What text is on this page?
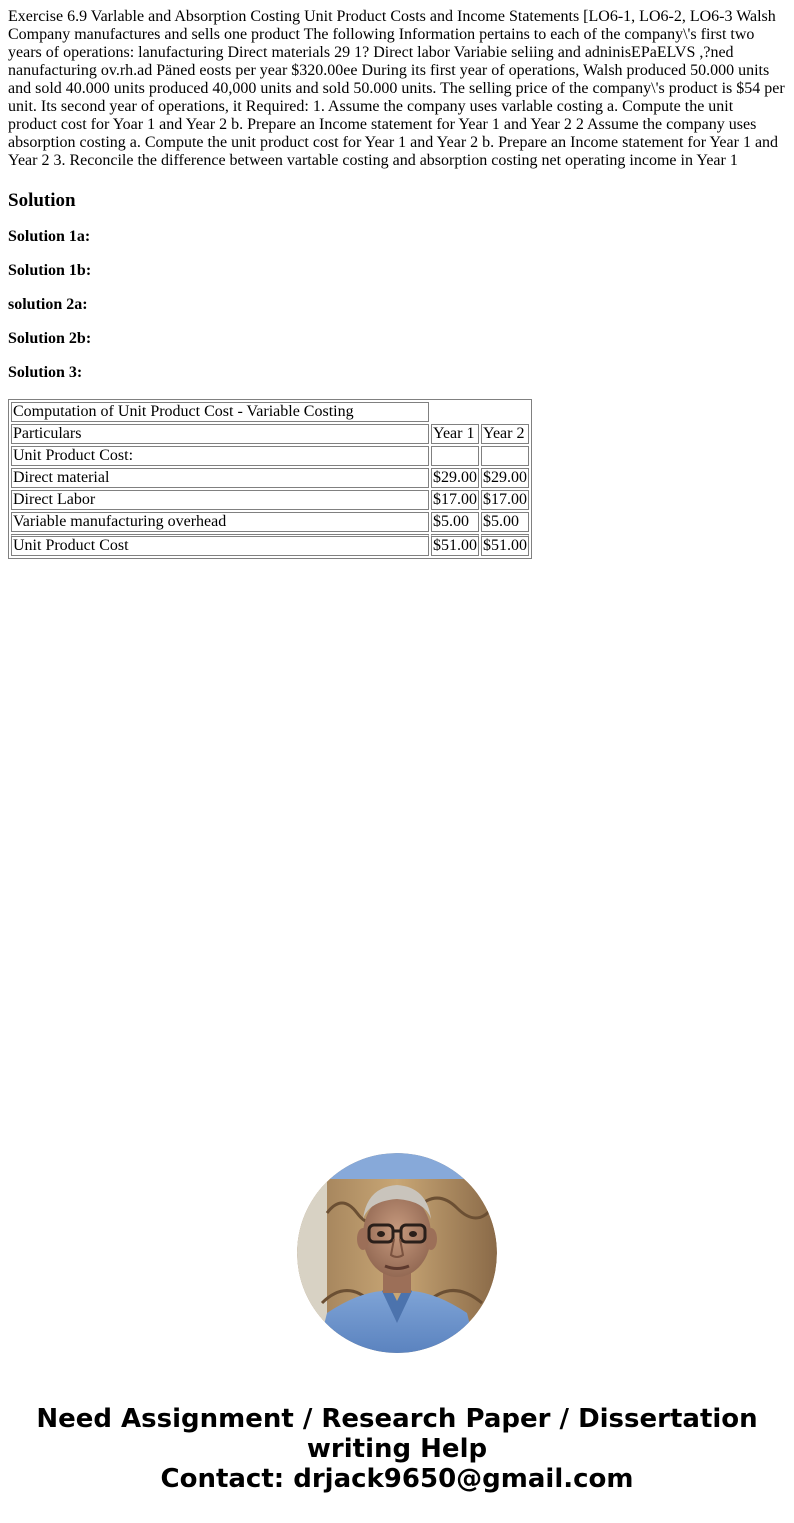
Exercise 6.9 Varlable and Absorption Costing Unit Product Costs and Income Statements [LO6-1, LO6-2, LO6-3 Walsh Company manufactures and sells one product The following Information pertains to each of the company\'s first two years of operations: lanufacturing Direct materials 29 1? Direct labor Variabie seliing and adninisEPaELVS ,?ned nanufacturing ov.rh.ad Päned eosts per year $320.00ee During its first year of operations, Walsh produced 50.000 units and sold 40.000 units produced 40,000 units and sold 50.000 units. The selling price of the company\'s product is $54 per unit. Its second year of operations, it Required: 1. Assume the company uses varlable costing a. Compute the unit product cost for Yoar 1 and Year 2 b. Prepare an Income statement for Year 1 and Year 2 2 Assume the company uses absorption costing a. Compute the unit product cost for Year 1 and Year 2 b. Prepare an Income statement for Year 1 and Year 2 3. Reconcile the difference between vartable costing and absorption costing net operating income in Year 1

Solution

Solution 1a:

Solution 1b:

solution 2a:

Solution 2b:

Solution 3:

Computation of Unit Product Cost - Variable Costing		
Particulars	Year 1	Year 2
Unit Product Cost:		
Direct material	$29.00	$29.00
Direct Labor	$17.00	$17.00
Variable manufacturing overhead	$5.00	$5.00
Unit Product Cost	$51.00	$51.00
Need Assignment / Research Paper / Dissertation
writing Help
Contact: drjack9650@gmail.com
